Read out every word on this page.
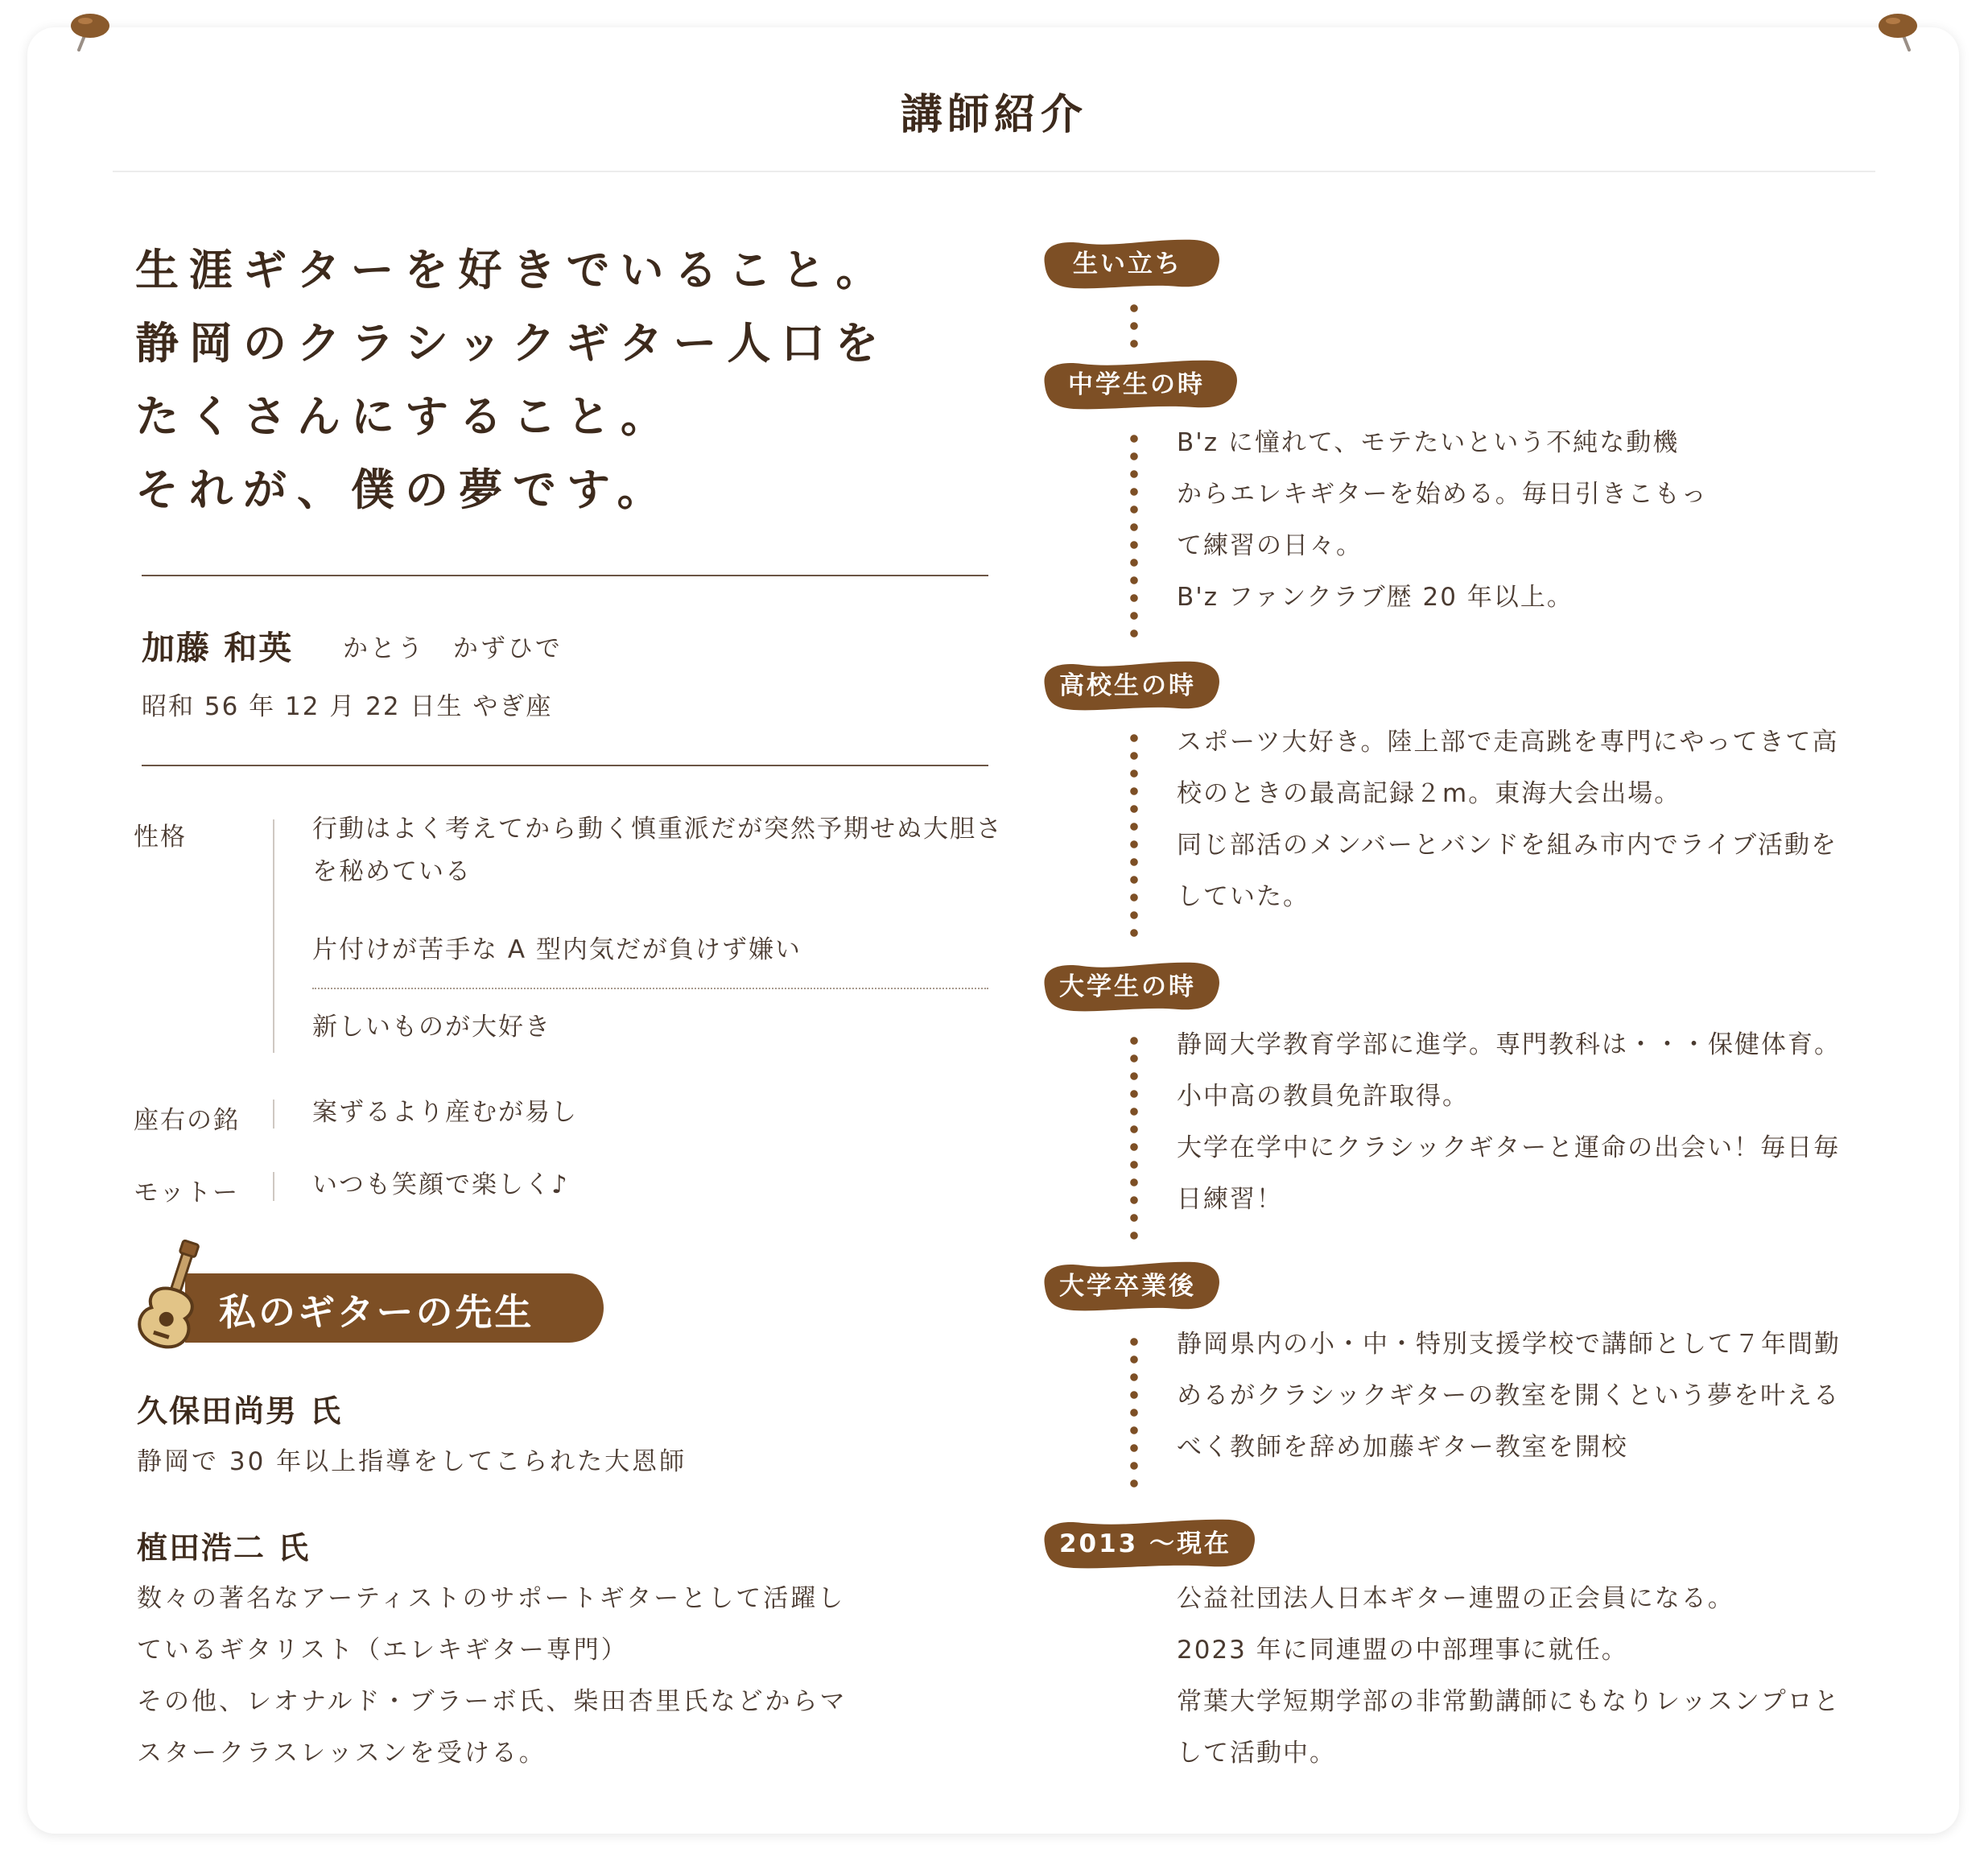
講師紹介
生涯ギターを好きでいること。
静岡のクラシックギター人口を
たくさんにすること。
それが、僕の夢です。
加藤 和英 かとう かずひで
昭和 56 年 12 月 22 日生 やぎ座
性格	行動はよく考えてから動く慎重派だが突然予期せぬ大胆さを秘めている
片付けが苦手な A 型内気だが負けず嫌い
新しいものが大好き
座右の銘	案ずるより産むが易し
モットー	いつも笑顔で楽しく♪
私のギターの先生
久保田尚男 氏
静岡で 30 年以上指導をしてこられた大恩師
植田浩二 氏
数々の著名なアーティストのサポートギターとして活躍し
ているギタリスト（エレキギター専門）
その他、レオナルド・ブラーボ氏、柴田杏里氏などからマ
スタークラスレッスンを受ける。
生い立ち
中学生の時
B'z に憧れて、モテたいという不純な動機
からエレキギターを始める。毎日引きこもっ
て練習の日々。
B'z ファンクラブ歴 20 年以上。
高校生の時
スポーツ大好き。陸上部で走高跳を専門にやってきて高
校のときの最高記録２m。東海大会出場。
同じ部活のメンバーとバンドを組み市内でライブ活動を
していた。
大学生の時
静岡大学教育学部に進学。専門教科は・・・保健体育。
小中高の教員免許取得。
大学在学中にクラシックギターと運命の出会い！毎日毎
日練習！
大学卒業後
静岡県内の小・中・特別支援学校で講師として７年間勤
めるがクラシックギターの教室を開くという夢を叶える
べく教師を辞め加藤ギター教室を開校
2013 ～現在
公益社団法人日本ギター連盟の正会員になる。
2023 年に同連盟の中部理事に就任。
常葉大学短期学部の非常勤講師にもなりレッスンプロと
して活動中。
